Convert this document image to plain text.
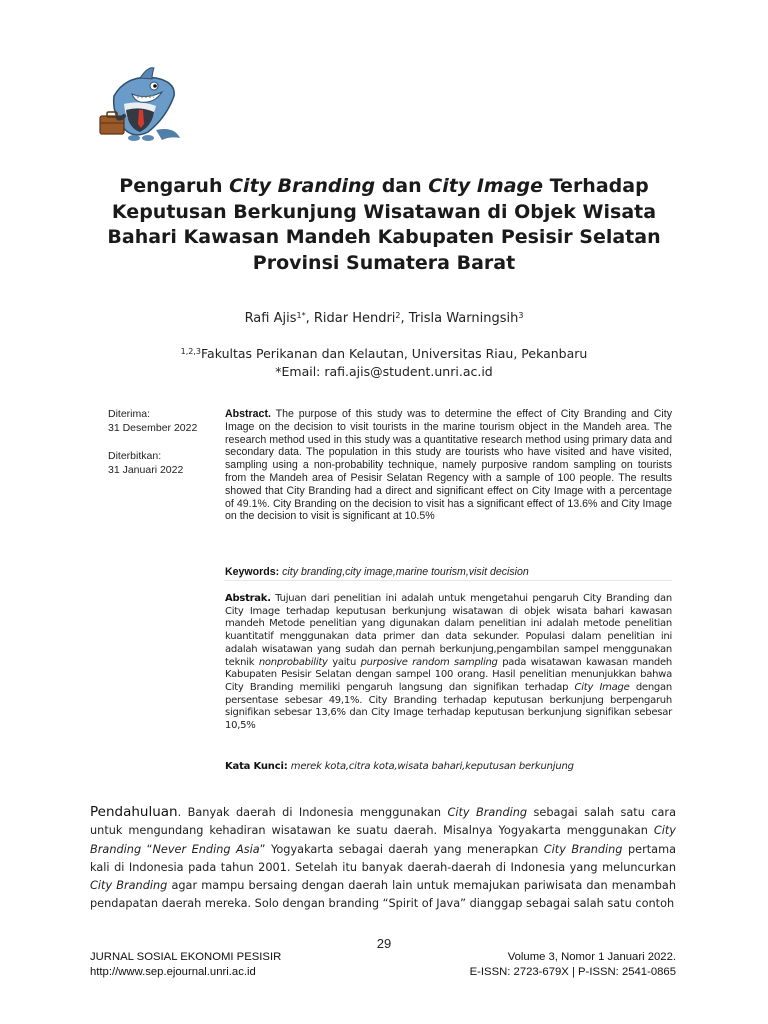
Pengaruh City Branding dan City Image Terhadap Keputusan Berkunjung Wisatawan di Objek Wisata Bahari Kawasan Mandeh Kabupaten Pesisir Selatan Provinsi Sumatera Barat
Rafi Ajis$^{1*}$, Ridar Hendri$^2$, Trisla Warningsih$^3$
$^{1,2,3}$Fakultas Perikanan dan Kelautan, Universitas Riau, Pekanbaru
*Email: rafi.ajis@student.unri.ac.id
Diterima:
31 Desember 2022
Diterbitkan:
31 Januari 2022
Abstract. The purpose of this study was to determine the effect of City Branding and City Image on the decision to visit tourists in the marine tourism object in the Mandeh area. The research method used in this study was a quantitative research method using primary data and secondary data. The population in this study are tourists who have visited and have visited, sampling using a non-probability technique, namely purposive random sampling on tourists from the Mandeh area of Pesisir Selatan Regency with a sample of 100 people. The results showed that City Branding had a direct and significant effect on City Image with a percentage of 49.1%. City Branding on the decision to visit has a significant effect of 13.6% and City Image on the decision to visit is significant at 10.5%
Keywords: city branding,city image,marine tourism,visit decision
Abstrak. Tujuan dari penelitian ini adalah untuk mengetahui pengaruh City Branding dan City Image terhadap keputusan berkunjung wisatawan di objek wisata bahari kawasan mandeh Metode penelitian yang digunakan dalam penelitian ini adalah metode penelitian kuantitatif menggunakan data primer dan data sekunder. Populasi dalam penelitian ini adalah wisatawan yang sudah dan pernah berkunjung,pengambilan sampel menggunakan teknik nonprobability yaitu purposive random sampling pada wisatawan kawasan mandeh Kabupaten Pesisir Selatan dengan sampel 100 orang. Hasil penelitian menunjukkan bahwa City Branding memiliki pengaruh langsung dan signifikan terhadap City Image dengan persentase sebesar 49,1%. City Branding terhadap keputusan berkunjung berpengaruh signifikan sebesar 13,6% dan City Image terhadap keputusan berkunjung signifikan sebesar 10,5%
Kata Kunci: merek kota,citra kota,wisata bahari,keputusan berkunjung
Pendahuluan. Banyak daerah di Indonesia menggunakan City Branding sebagai salah satu cara untuk mengundang kehadiran wisatawan ke suatu daerah. Misalnya Yogyakarta menggunakan City Branding “Never Ending Asia” Yogyakarta sebagai daerah yang menerapkan City Branding pertama kali di Indonesia pada tahun 2001. Setelah itu banyak daerah-daerah di Indonesia yang meluncurkan City Branding agar mampu bersaing dengan daerah lain untuk memajukan pariwisata dan menambah pendapatan daerah mereka. Solo dengan branding “Spirit of Java” dianggap sebagai salah satu contoh
29
JURNAL SOSIAL EKONOMI PESISIR
http://www.sep.ejournal.unri.ac.id
Volume 3, Nomor 1 Januari 2022.
E-ISSN: 2723-679X | P-ISSN: 2541-0865
